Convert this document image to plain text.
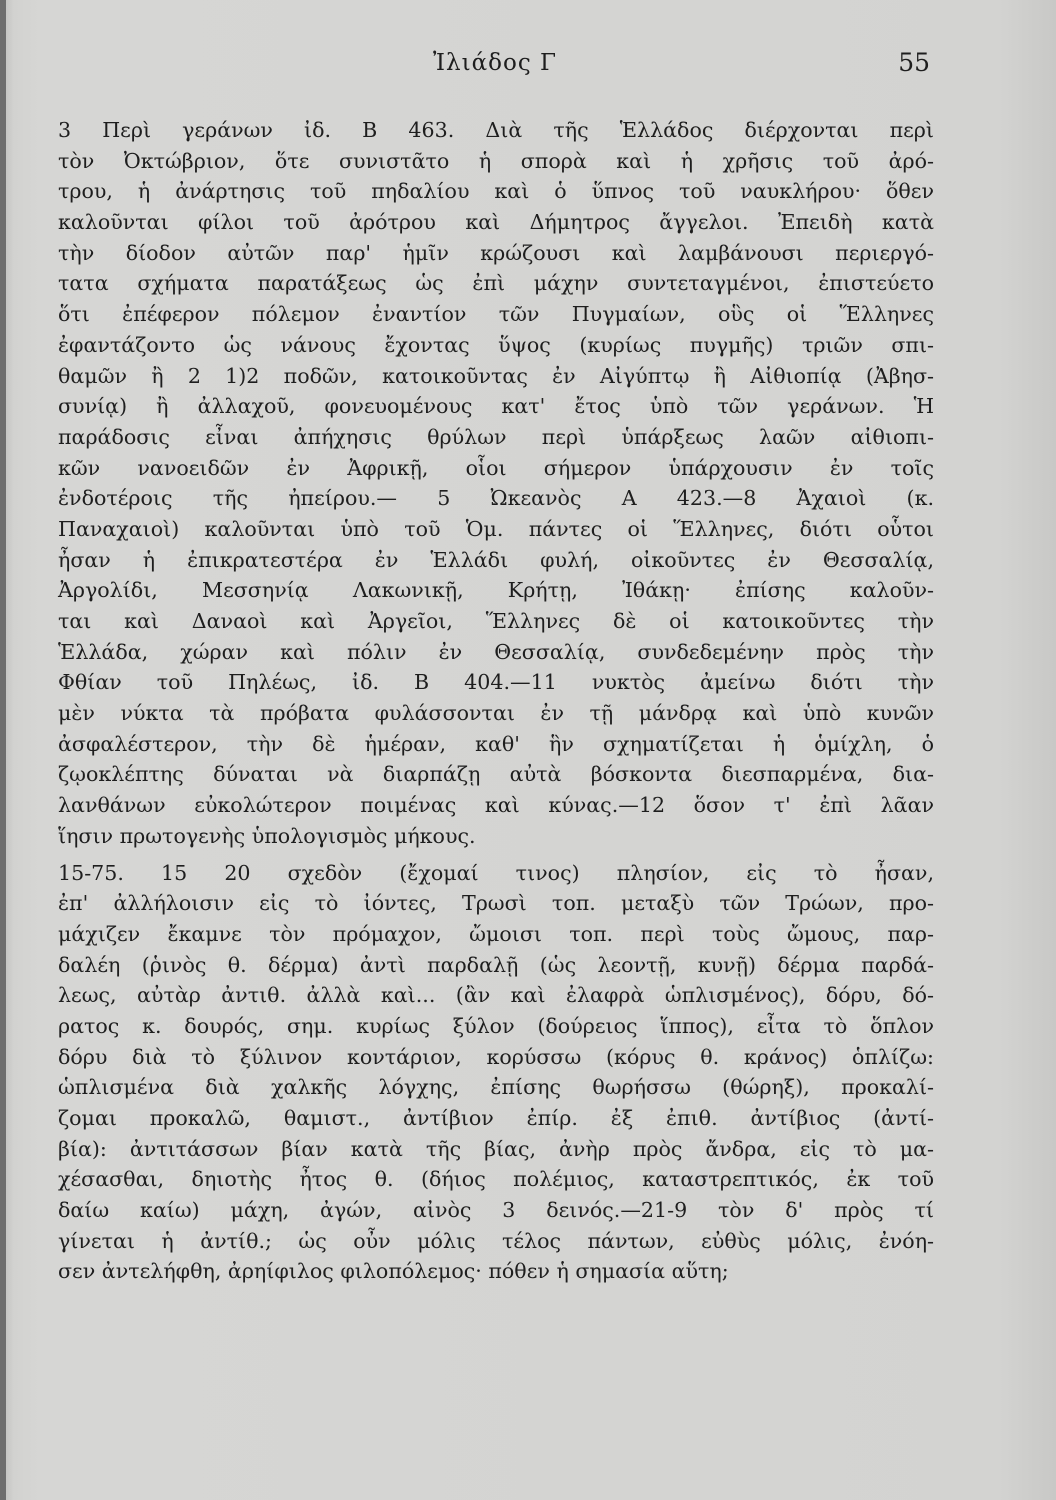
Ἰλιάδος Γ	55
3 Περὶ γεράνων ἰδ. Β 463. Διὰ τῆς Ἑλλάδος διέρχονται περὶ
τὸν Ὀκτώβριον, ὅτε συνιστᾶτο ἡ σπορὰ καὶ ἡ χρῆσις τοῦ ἀρό-
τρου, ἡ ἀνάρτησις τοῦ πηδαλίου καὶ ὁ ὕπνος τοῦ ναυκλήρου· ὅθεν
καλοῦνται φίλοι τοῦ ἀρότρου καὶ Δήμητρος ἄγγελοι. Ἐπειδὴ κατὰ
τὴν δίοδον αὐτῶν παρ' ἡμῖν κρώζουσι καὶ λαμβάνουσι περιεργό-
τατα σχήματα παρατάξεως ὡς ἐπὶ μάχην συντεταγμένοι, ἐπιστεύετο
ὅτι ἐπέφερον πόλεμον ἐναντίον τῶν Πυγμαίων, οὓς οἱ Ἕλληνες
ἐφαντάζοντο ὡς νάνους ἔχοντας ὕψος (κυρίως πυγμῆς) τριῶν σπι-
θαμῶν ἢ 2 1)2 ποδῶν, κατοικοῦντας ἐν Αἰγύπτῳ ἢ Αἰθιοπίᾳ (Ἀβησ-
συνίᾳ) ἢ ἀλλαχοῦ, φονευομένους κατ' ἔτος ὑπὸ τῶν γεράνων. Ἡ
παράδοσις εἶναι ἀπήχησις θρύλων περὶ ὑπάρξεως λαῶν αἰθιοπι-
κῶν νανοειδῶν ἐν Ἀφρικῇ, οἷοι σήμερον ὑπάρχουσιν ἐν τοῖς
ἐνδοτέροις τῆς ἠπείρου.— 5 Ὠκεανὸς Α 423.—8 Ἀχαιοὶ (κ.
Παναχαιοὶ) καλοῦνται ὑπὸ τοῦ Ὁμ. πάντες οἱ Ἕλληνες, διότι οὗτοι
ἦσαν ἡ ἐπικρατεστέρα ἐν Ἑλλάδι φυλή, οἰκοῦντες ἐν Θεσσαλίᾳ,
Ἀργολίδι, Μεσσηνίᾳ Λακωνικῇ, Κρήτῃ, Ἰθάκῃ· ἐπίσης καλοῦν-
ται καὶ Δαναοὶ καὶ Ἀργεῖοι, Ἕλληνες δὲ οἱ κατοικοῦντες τὴν
Ἑλλάδα, χώραν καὶ πόλιν ἐν Θεσσαλίᾳ, συνδεδεμένην πρὸς τὴν
Φθίαν τοῦ Πηλέως, ἰδ. Β 404.—11 νυκτὸς ἀμείνω διότι τὴν
μὲν νύκτα τὰ πρόβατα φυλάσσονται ἐν τῇ μάνδρᾳ καὶ ὑπὸ κυνῶν
ἀσφαλέστερον, τὴν δὲ ἡμέραν, καθ' ἣν σχηματίζεται ἡ ὁμίχλη, ὁ
ζῳοκλέπτης δύναται νὰ διαρπάζῃ αὐτὰ βόσκοντα διεσπαρμένα, δια-
λανθάνων εὐκολώτερον ποιμένας καὶ κύνας.—12 ὅσον τ' ἐπὶ λᾶαν
ἵησιν πρωτογενὴς ὑπολογισμὸς μήκους.
15-75. 15 20 σχεδὸν (ἔχομαί τινος) πλησίον, εἰς τὸ ἦσαν,
ἐπ' ἀλλήλοισιν εἰς τὸ ἰόντες, Τρωσὶ τοπ. μεταξὺ τῶν Τρώων, προ-
μάχιζεν ἔκαμνε τὸν πρόμαχον, ὤμοισι τοπ. περὶ τοὺς ὤμους, παρ-
δαλέη (ῥινὸς θ. δέρμα) ἀντὶ παρδαλῇ (ὡς λεοντῇ, κυνῇ) δέρμα παρδά-
λεως, αὐτὰρ ἀντιθ. ἀλλὰ καὶ... (ἂν καὶ ἐλαφρὰ ὡπλισμένος), δόρυ, δό-
ρατος κ. δουρός, σημ. κυρίως ξύλον (δούρειος ἵππος), εἶτα τὸ ὅπλον
δόρυ διὰ τὸ ξύλινον κοντάριον, κορύσσω (κόρυς θ. κράνος) ὁπλίζω:
ὡπλισμένα διὰ χαλκῆς λόγχης, ἐπίσης θωρήσσω (θώρηξ), προκαλί-
ζομαι προκαλῶ, θαμιστ., ἀντίβιον ἐπίρ. ἐξ ἐπιθ. ἀντίβιος (ἀντί-
βία): ἀντιτάσσων βίαν κατὰ τῆς βίας, ἀνὴρ πρὸς ἄνδρα, εἰς τὸ μα-
χέσασθαι, δηιοτὴς ἦτος θ. (δήιος πολέμιος, καταστρεπτικός, ἐκ τοῦ
δαίω καίω) μάχη, ἀγών, αἰνὸς 3 δεινός.—21-9 τὸν δ' πρὸς τί
γίνεται ἡ ἀντίθ.; ὡς οὖν μόλις τέλος πάντων, εὐθὺς μόλις, ἐνόη-
σεν ἀντελήφθη, ἀρηίφιλος φιλοπόλεμος· πόθεν ἡ σημασία αὕτη;
